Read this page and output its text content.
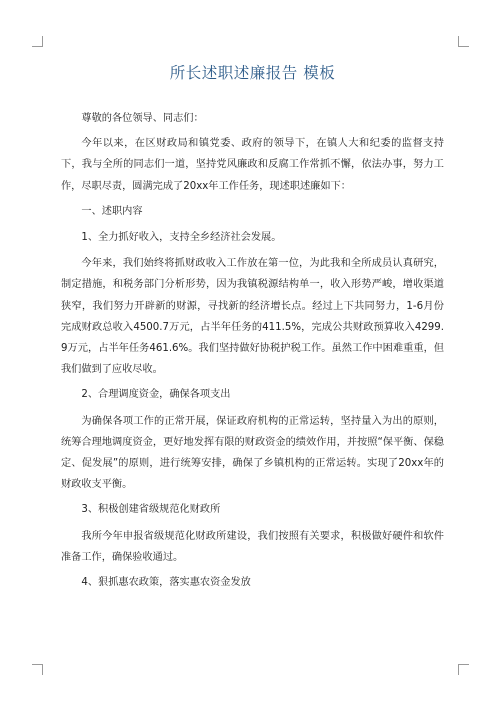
所长述职述廉报告 模板

尊敬的各位领导、同志们：

今年以来，在区财政局和镇党委、政府的领导下，在镇人大和纪委的监督支持下，我与全所的同志们一道，坚持党风廉政和反腐工作常抓不懈，依法办事，努力工作，尽职尽责，圆满完成了20xx年工作任务，现述职述廉如下：

一、述职内容

1、全力抓好收入，支持全乡经济社会发展。

今年来，我们始终将抓财政收入工作放在第一位，为此我和全所成员认真研究，制定措施，和税务部门分析形势，因为我镇税源结构单一，收入形势严峻，增收渠道狭窄，我们努力开辟新的财源，寻找新的经济增长点。经过上下共同努力，1-6月份完成财政总收入4500.7万元，占半年任务的411.5%，完成公共财政预算收入4299.9万元，占半年任务461.6%。我们坚持做好协税护税工作。虽然工作中困难重重，但我们做到了应收尽收。

2、合理调度资金，确保各项支出

为确保各项工作的正常开展，保证政府机构的正常运转，坚持量入为出的原则，统筹合理地调度资金，更好地发挥有限的财政资金的绩效作用，并按照“保平衡、保稳定、促发展”的原则，进行统筹安排，确保了乡镇机构的正常运转。实现了20xx年的财政收支平衡。

3、积极创建省级规范化财政所

我所今年申报省级规范化财政所建设，我们按照有关要求，积极做好硬件和软件准备工作，确保验收通过。

4、狠抓惠农政策，落实惠农资金发放
